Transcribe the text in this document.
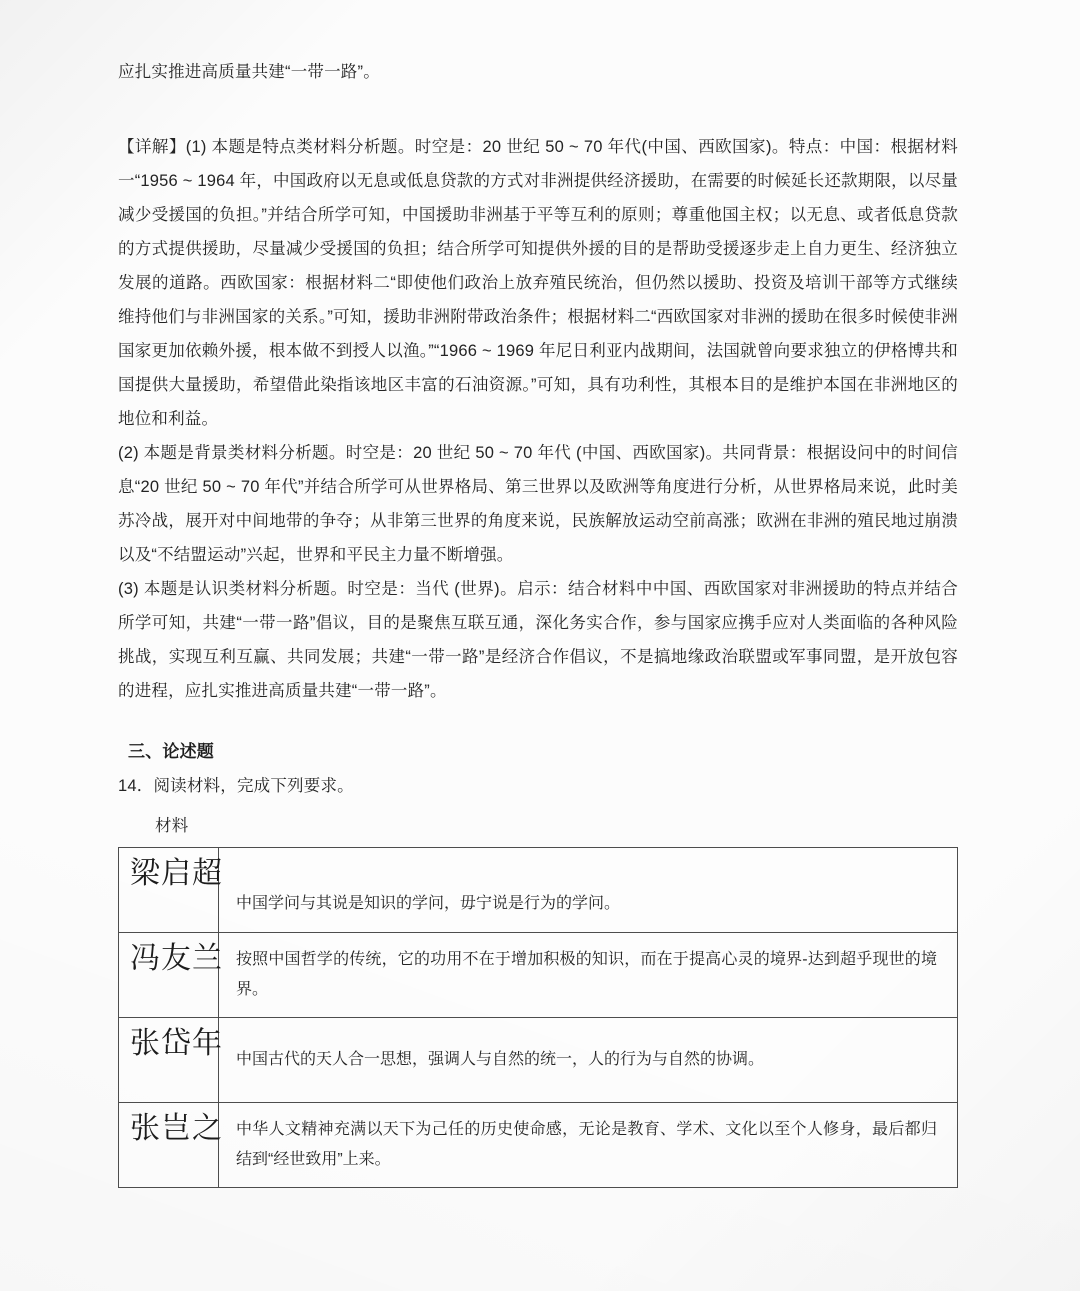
应扎实推进高质量共建“一带一路”。

【详解】(1) 本题是特点类材料分析题。时空是：20 世纪 50 ~ 70 年代(中国、西欧国家)。特点：中国：根据材料一“1956 ~ 1964 年，中国政府以无息或低息贷款的方式对非洲提供经济援助，在需要的时候延长还款期限，以尽量减少受援国的负担。”并结合所学可知，中国援助非洲基于平等互利的原则；尊重他国主权；以无息、或者低息贷款的方式提供援助，尽量减少受援国的负担；结合所学可知提供外援的目的是帮助受援逐步走上自力更生、经济独立发展的道路。西欧国家：根据材料二“即使他们政治上放弃殖民统治，但仍然以援助、投资及培训干部等方式继续维持他们与非洲国家的关系。”可知，援助非洲附带政治条件；根据材料二“西欧国家对非洲的援助在很多时候使非洲国家更加依赖外援，根本做不到授人以渔。”“1966 ~ 1969 年尼日利亚内战期间，法国就曾向要求独立的伊格博共和国提供大量援助，希望借此染指该地区丰富的石油资源。”可知，具有功利性，其根本目的是维护本国在非洲地区的地位和利益。

(2) 本题是背景类材料分析题。时空是：20 世纪 50 ~ 70 年代 (中国、西欧国家)。共同背景：根据设问中的时间信息“20 世纪 50 ~ 70 年代”并结合所学可从世界格局、第三世界以及欧洲等角度进行分析，从世界格局来说，此时美苏冷战，展开对中间地带的争夺；从非第三世界的角度来说，民族解放运动空前高涨；欧洲在非洲的殖民地过崩溃以及“不结盟运动”兴起，世界和平民主力量不断增强。

(3) 本题是认识类材料分析题。时空是：当代 (世界)。启示：结合材料中中国、西欧国家对非洲援助的特点并结合所学可知，共建“一带一路”倡议，目的是聚焦互联互通，深化务实合作，参与国家应携手应对人类面临的各种风险挑战，实现互利互赢、共同发展；共建“一带一路”是经济合作倡议，不是搞地缘政治联盟或军事同盟，是开放包容的进程，应扎实推进高质量共建“一带一路”。

三、论述题

14．阅读材料，完成下列要求。

材料

梁启超	中国学问与其说是知识的学问，毋宁说是行为的学问。
冯友兰	按照中国哲学的传统，它的功用不在于增加积极的知识，而在于提高心灵的境界-达到超乎现世的境界。
张岱年	中国古代的天人合一思想，强调人与自然的统一，人的行为与自然的协调。
张岂之	中华人文精神充满以天下为己任的历史使命感，无论是教育、学术、文化以至个人修身，最后都归结到“经世致用”上来。
